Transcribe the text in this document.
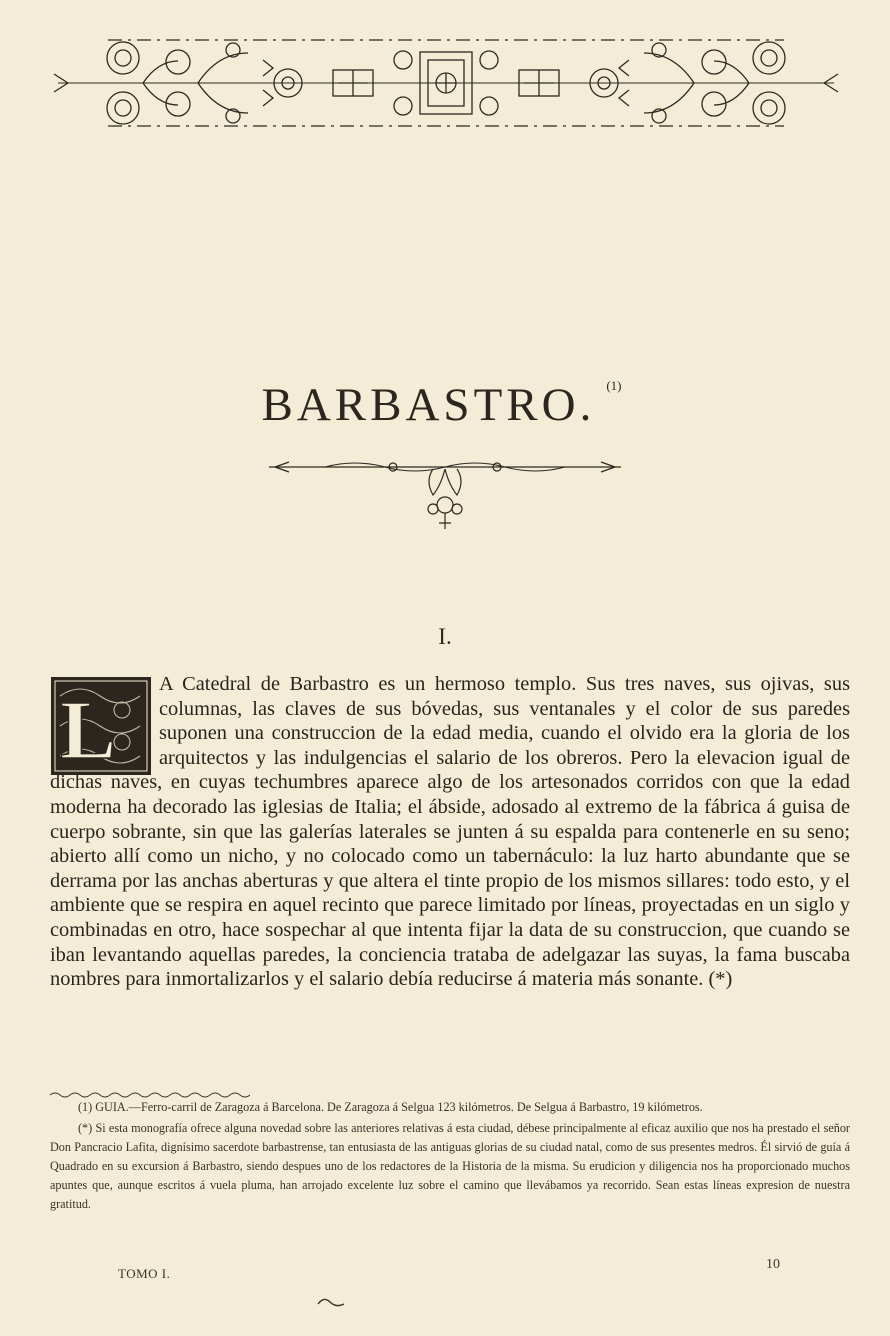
BARBASTRO. $^{(1)}$
I.
L	A Catedral de Barbastro es un hermoso templo. Sus tres naves, sus ojivas, sus columnas, las claves de sus bóvedas, sus ventanales y el color de sus paredes suponen una construccion de la edad media, cuando el olvido era la gloria de los arquitectos y las indulgencias el salario de los obreros. Pero la elevacion igual de dichas naves, en cuyas techumbres aparece algo de los artesonados corridos con que la edad moderna ha decorado las iglesias de Italia; el ábside, adosado al extremo de la fábrica á guisa de cuerpo sobrante, sin que las galerías laterales se junten á su espalda para contenerle en su seno; abierto allí como un nicho, y no colocado como un tabernáculo: la luz harto abundante que se derrama por las anchas aberturas y que altera el tinte propio de los mismos sillares: todo esto, y el ambiente que se respira en aquel recinto que parece limitado por líneas, proyectadas en un siglo y combinadas en otro, hace sospechar al que intenta fijar la data de su construccion, que cuando se iban levantando aquellas paredes, la conciencia trataba de adelgazar las suyas, la fama buscaba nombres para inmortalizarlos y el salario debía reducirse á materia más sonante. (*)

(1) GUIA.—Ferro-carril de Zaragoza á Barcelona. De Zaragoza á Selgua 123 kilómetros. De Selgua á Barbastro, 19 kilómetros.

(*) Si esta monografía ofrece alguna novedad sobre las anteriores relativas á esta ciudad, débese principalmente al eficaz auxilio que nos ha prestado el señor Don Pancracio Lafita, dignísimo sacerdote barbastrense, tan entusiasta de las antiguas glorias de su ciudad natal, como de sus presentes medros. Él sirvió de guía á Quadrado en su excursion á Barbastro, siendo despues uno de los redactores de la Historia de la misma. Su erudicion y diligencia nos ha proporcionado muchos apuntes que, aunque escritos á vuela pluma, han arrojado excelente luz sobre el camino que llevábamos ya recorrido. Sean estas líneas expresion de nuestra gratitud.

TOMO I.
10
